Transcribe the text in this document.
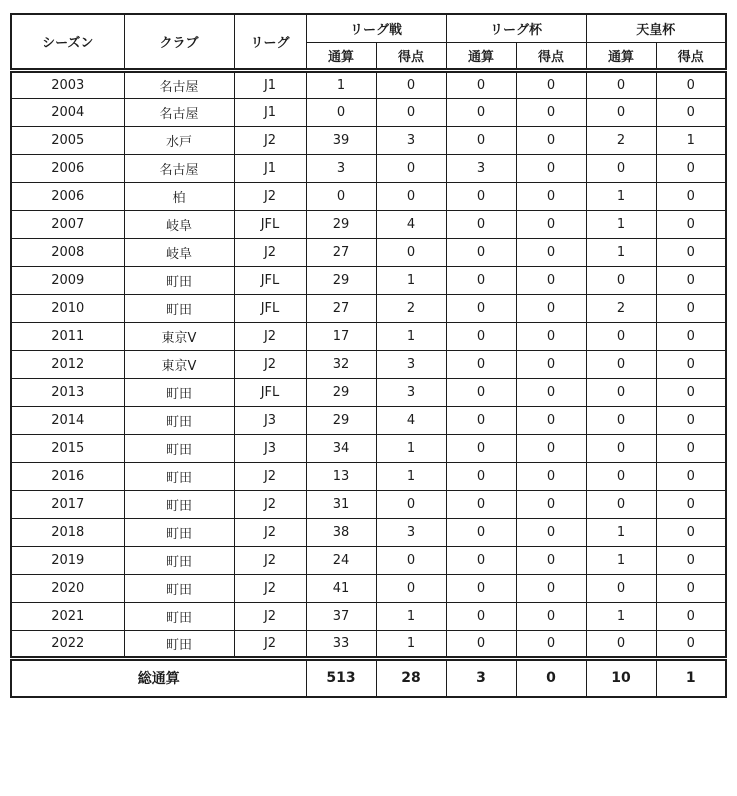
シーズン	クラブ	リーグ	リーグ戦		リーグ杯		天皇杯	
			通算	得点	通算	得点	通算	得点
2003	名古屋	J1	1	0	0	0	0	0
2004	名古屋	J1	0	0	0	0	0	0
2005	水戸	J2	39	3	0	0	2	1
2006	名古屋	J1	3	0	3	0	0	0
2006	柏	J2	0	0	0	0	1	0
2007	岐阜	JFL	29	4	0	0	1	0
2008	岐阜	J2	27	0	0	0	1	0
2009	町田	JFL	29	1	0	0	0	0
2010	町田	JFL	27	2	0	0	2	0
2011	東京V	J2	17	1	0	0	0	0
2012	東京V	J2	32	3	0	0	0	0
2013	町田	JFL	29	3	0	0	0	0
2014	町田	J3	29	4	0	0	0	0
2015	町田	J3	34	1	0	0	0	0
2016	町田	J2	13	1	0	0	0	0
2017	町田	J2	31	0	0	0	0	0
2018	町田	J2	38	3	0	0	1	0
2019	町田	J2	24	0	0	0	1	0
2020	町田	J2	41	0	0	0	0	0
2021	町田	J2	37	1	0	0	1	0
2022	町田	J2	33	1	0	0	0	0
総通算			513	28	3	0	10	1
